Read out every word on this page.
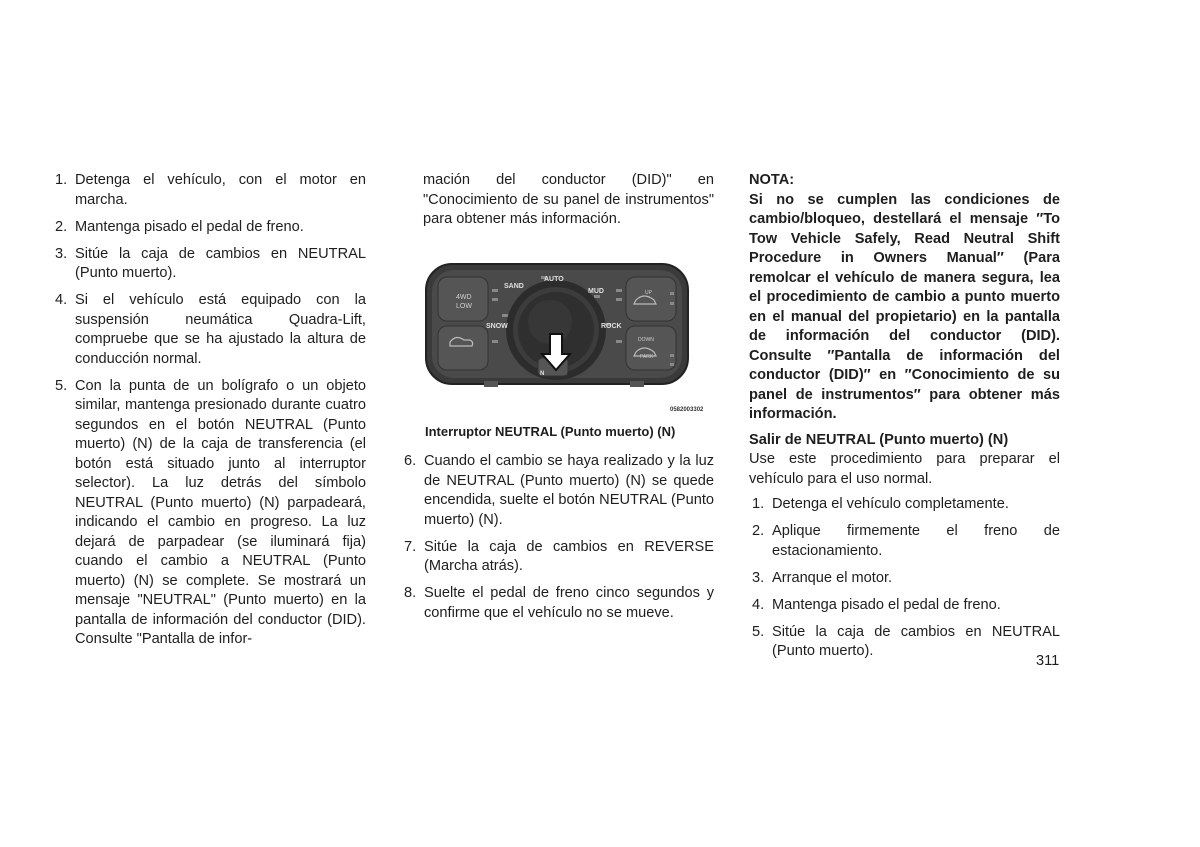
1. Detenga el vehículo, con el motor en marcha.
2. Mantenga pisado el pedal de freno.
3. Sitúe la caja de cambios en NEUTRAL (Punto muerto).
4. Si el vehículo está equipado con la suspensión neumática Quadra-Lift, compruebe que se ha ajustado la altura de conducción normal.
5. Con la punta de un bolígrafo o un objeto similar, mantenga presionado durante cuatro segundos en el botón NEUTRAL (Punto muerto) (N) de la caja de transferencia (el botón está situado junto al interruptor selector). La luz detrás del símbolo NEUTRAL (Punto muerto) (N) parpadeará, indicando el cambio en progreso. La luz dejará de parpadear (se iluminará fija) cuando el cambio a NEUTRAL (Punto muerto) (N) se complete. Se mostrará un mensaje "NEUTRAL" (Punto muerto) en la pantalla de información del conductor (DID). Consulte "Pantalla de infor-

mación del conductor (DID)" en "Conocimiento de su panel de instrumentos" para obtener más información.

AUTO
SAND
MUD
SNOW	ROCK
4WD
LOW
UP
DOWN
PARK
N
0582003302
Interruptor NEUTRAL (Punto muerto) (N)
6. Cuando el cambio se haya realizado y la luz de NEUTRAL (Punto muerto) (N) se quede encendida, suelte el botón NEUTRAL (Punto muerto) (N).
7. Sitúe la caja de cambios en REVERSE (Marcha atrás).
8. Suelte el pedal de freno cinco segundos y confirme que el vehículo no se mueve.

NOTA:

Si no se cumplen las condiciones de cambio/bloqueo, destellará el mensaje ″To Tow Vehicle Safely, Read Neutral Shift Procedure in Owners Manual″ (Para remolcar el vehículo de manera segura, lea el procedimiento de cambio a punto muerto en el manual del propietario) en la pantalla de información del conductor (DID). Consulte ″Pantalla de información del conductor (DID)″ en ″Conocimiento de su panel de instrumentos″ para obtener más información.

Salir de NEUTRAL (Punto muerto) (N)

Use este procedimiento para preparar el vehículo para el uso normal.

1. Detenga el vehículo completamente.
2. Aplique firmemente el freno de estacionamiento.
3. Arranque el motor.
4. Mantenga pisado el pedal de freno.
5. Sitúe la caja de cambios en NEUTRAL (Punto muerto).
311
